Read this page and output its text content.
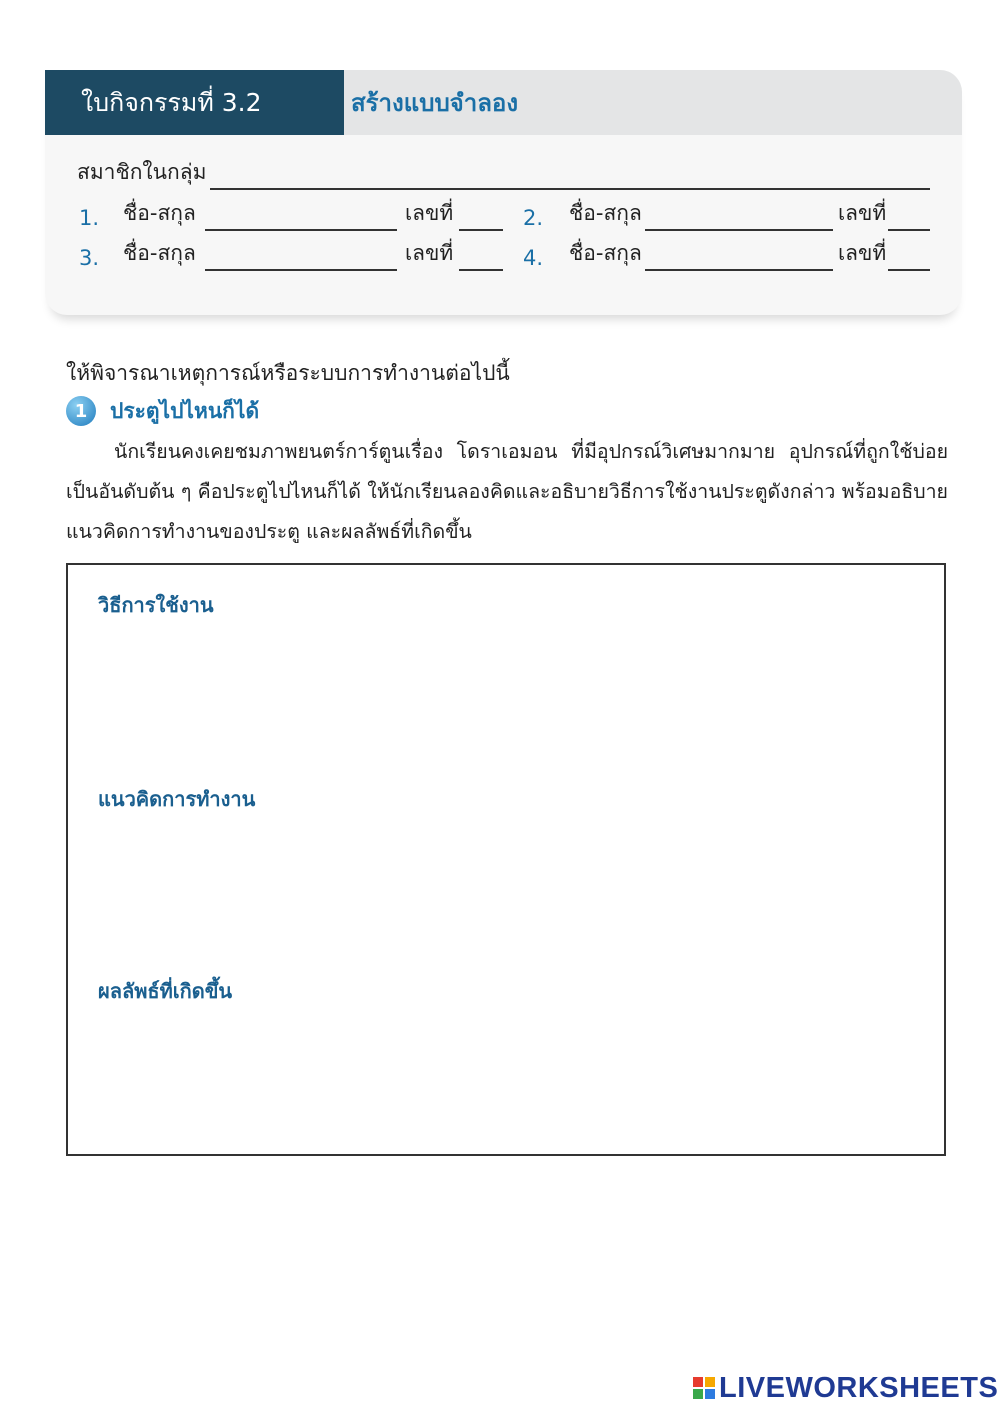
ใบกิจกรรมที่ 3.2	สร้างแบบจำลอง
สมาชิกในกลุ่ม
1. ชื่อ-สกุล	เลขที่	2. ชื่อ-สกุล	เลขที่
3. ชื่อ-สกุล	เลขที่	4. ชื่อ-สกุล	เลขที่
ให้พิจารณาเหตุการณ์หรือระบบการทำงานต่อไปนี้
1	ประตูไปไหนก็ได้
นักเรียนคงเคยชมภาพยนตร์การ์ตูนเรื่อง โดราเอมอน ที่มีอุปกรณ์วิเศษมากมาย อุปกรณ์ที่ถูกใช้บ่อยเป็นอันดับต้น ๆ คือประตูไปไหนก็ได้ ให้นักเรียนลองคิดและอธิบายวิธีการใช้งานประตูดังกล่าว พร้อมอธิบายแนวคิดการทำงานของประตู และผลลัพธ์ที่เกิดขึ้น
วิธีการใช้งาน
แนวคิดการทำงาน
ผลลัพธ์ที่เกิดขึ้น
LIVEWORKSHEETS
